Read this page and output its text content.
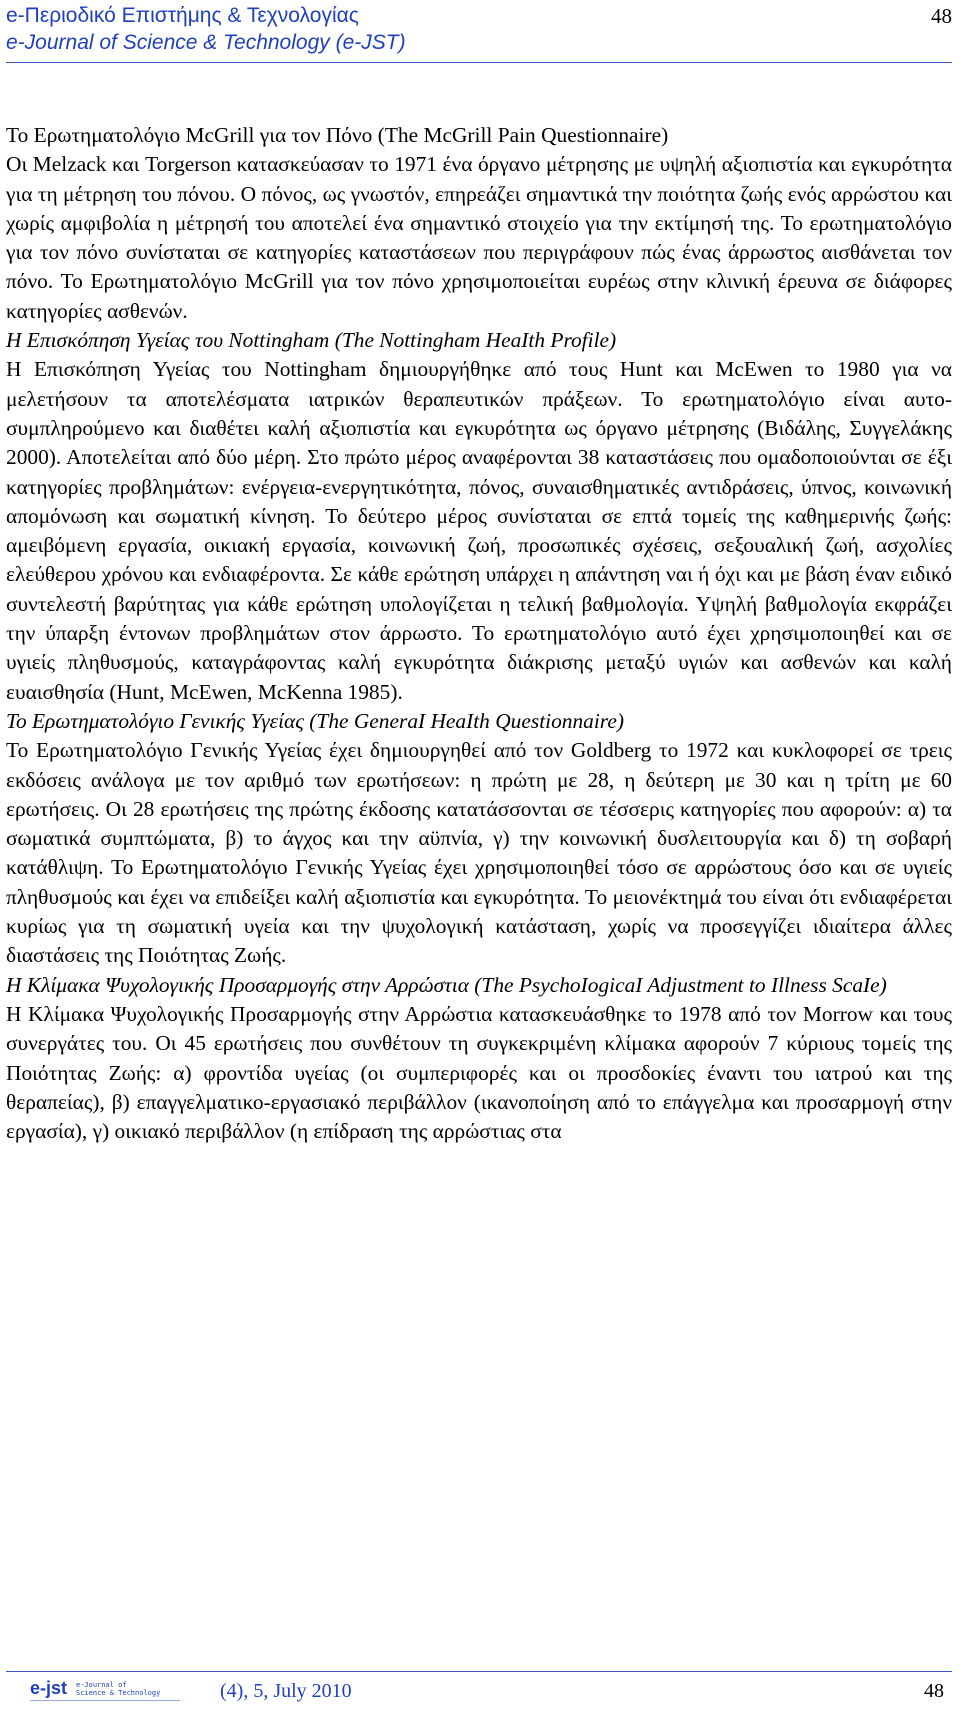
e-Περιοδικό Επιστήμης & Τεχνολογίας
e-Journal of Science & Technology (e-JST)
48

Το Ερωτηματολόγιο McGrill για τον Πόνο (The McGrill Pain Questionnaire)

Οι Melzack και Torgerson κατασκεύασαν το 1971 ένα όργανο μέτρησης με υψηλή αξιοπιστία και εγκυρότητα για τη μέτρηση του πόνου. Ο πόνος, ως γνωστόν, επηρεάζει σημαντικά την ποιότητα ζωής ενός αρρώστου και χωρίς αμφιβολία η μέτρησή του αποτελεί ένα σημαντικό στοιχείο για την εκτίμησή της. Το ερωτηματολόγιο για τον πόνο συνίσταται σε κατηγορίες καταστάσεων που περιγράφουν πώς ένας άρρωστος αισθάνεται τον πόνο. Το Ερωτηματολόγιο McGrill για τον πόνο χρησιμοποιείται ευρέως στην κλινική έρευνα σε διάφορες κατηγορίες ασθενών.

Η Επισκόπηση Υγείας του Nottingham (The Nottingham HeaIth Profile)

Η Επισκόπηση Υγείας του Nottingham δημιουργήθηκε από τους Hunt και McEwen το 1980 για να μελετήσουν τα αποτελέσματα ιατρικών θεραπευτικών πράξεων. Το ερωτηματολόγιο είναι αυτο-συμπληρούμενο και διαθέτει καλή αξιοπιστία και εγκυρότητα ως όργανο μέτρησης (Βιδάλης, Συγγελάκης 2000). Αποτελείται από δύο μέρη. Στο πρώτο μέρος αναφέρονται 38 καταστάσεις που ομαδοποιούνται σε έξι κατηγορίες προβλημάτων: ενέργεια-ενεργητικότητα, πόνος, συναισθηματικές αντιδράσεις, ύπνος, κοινωνική απομόνωση και σωματική κίνηση. Το δεύτερο μέρος συνίσταται σε επτά τομείς της καθημερινής ζωής: αμειβόμενη εργασία, οικιακή εργασία, κοινωνική ζωή, προσωπικές σχέσεις, σεξουαλική ζωή, ασχολίες ελεύθερου χρόνου και ενδιαφέροντα. Σε κάθε ερώτηση υπάρχει η απάντηση ναι ή όχι και με βάση έναν ειδικό συντελεστή βαρύτητας για κάθε ερώτηση υπολογίζεται η τελική βαθμολογία. Υψηλή βαθμολογία εκφράζει την ύπαρξη έντονων προβλημάτων στον άρρωστο. Το ερωτηματολόγιο αυτό έχει χρησιμοποιηθεί και σε υγιείς πληθυσμούς, καταγράφοντας καλή εγκυρότητα διάκρισης μεταξύ υγιών και ασθενών και καλή ευαισθησία (Hunt, McEwen, McKenna 1985).

Το Ερωτηματολόγιο Γενικής Υγείας (The GeneraI HeaIth Questionnaire)

Το Ερωτηματολόγιο Γενικής Υγείας έχει δημιουργηθεί από τον Goldberg το 1972 και κυκλοφορεί σε τρεις εκδόσεις ανάλογα με τον αριθμό των ερωτήσεων: η πρώτη με 28, η δεύτερη με 30 και η τρίτη με 60 ερωτήσεις. Οι 28 ερωτήσεις της πρώτης έκδοσης κατατάσσονται σε τέσσερις κατηγορίες που αφορούν: α) τα σωματικά συμπτώματα, β) το άγχος και την αϋπνία, γ) την κοινωνική δυσλειτουργία και δ) τη σοβαρή κατάθλιψη. Το Ερωτηματολόγιο Γενικής Υγείας έχει χρησιμοποιηθεί τόσο σε αρρώστους όσο και σε υγιείς πληθυσμούς και έχει να επιδείξει καλή αξιοπιστία και εγκυρότητα. Το μειονέκτημά του είναι ότι ενδιαφέρεται κυρίως για τη σωματική υγεία και την ψυχολογική κατάσταση, χωρίς να προσεγγίζει ιδιαίτερα άλλες διαστάσεις της Ποιότητας Ζωής.

Η Κλίμακα Ψυχολογικής Προσαρμογής στην Αρρώστια (The PsychoIogicaI Adjustment to Illness ScaIe)

Η Κλίμακα Ψυχολογικής Προσαρμογής στην Αρρώστια κατασκευάσθηκε το 1978 από τον Morrow και τους συνεργάτες του. Οι 45 ερωτήσεις που συνθέτουν τη συγκεκριμένη κλίμακα αφορούν 7 κύριους τομείς της Ποιότητας Ζωής: α) φροντίδα υγείας (οι συμπεριφορές και οι προσδοκίες έναντι του ιατρού και της θεραπείας), β) επαγγελματικο-εργασιακό περιβάλλον (ικανοποίηση από το επάγγελμα και προσαρμογή στην εργασία), γ) οικιακό περιβάλλον (η επίδραση της αρρώστιας στα

e-jst e-Journal of
Science & Technology	(4), 5, July 2010	48
